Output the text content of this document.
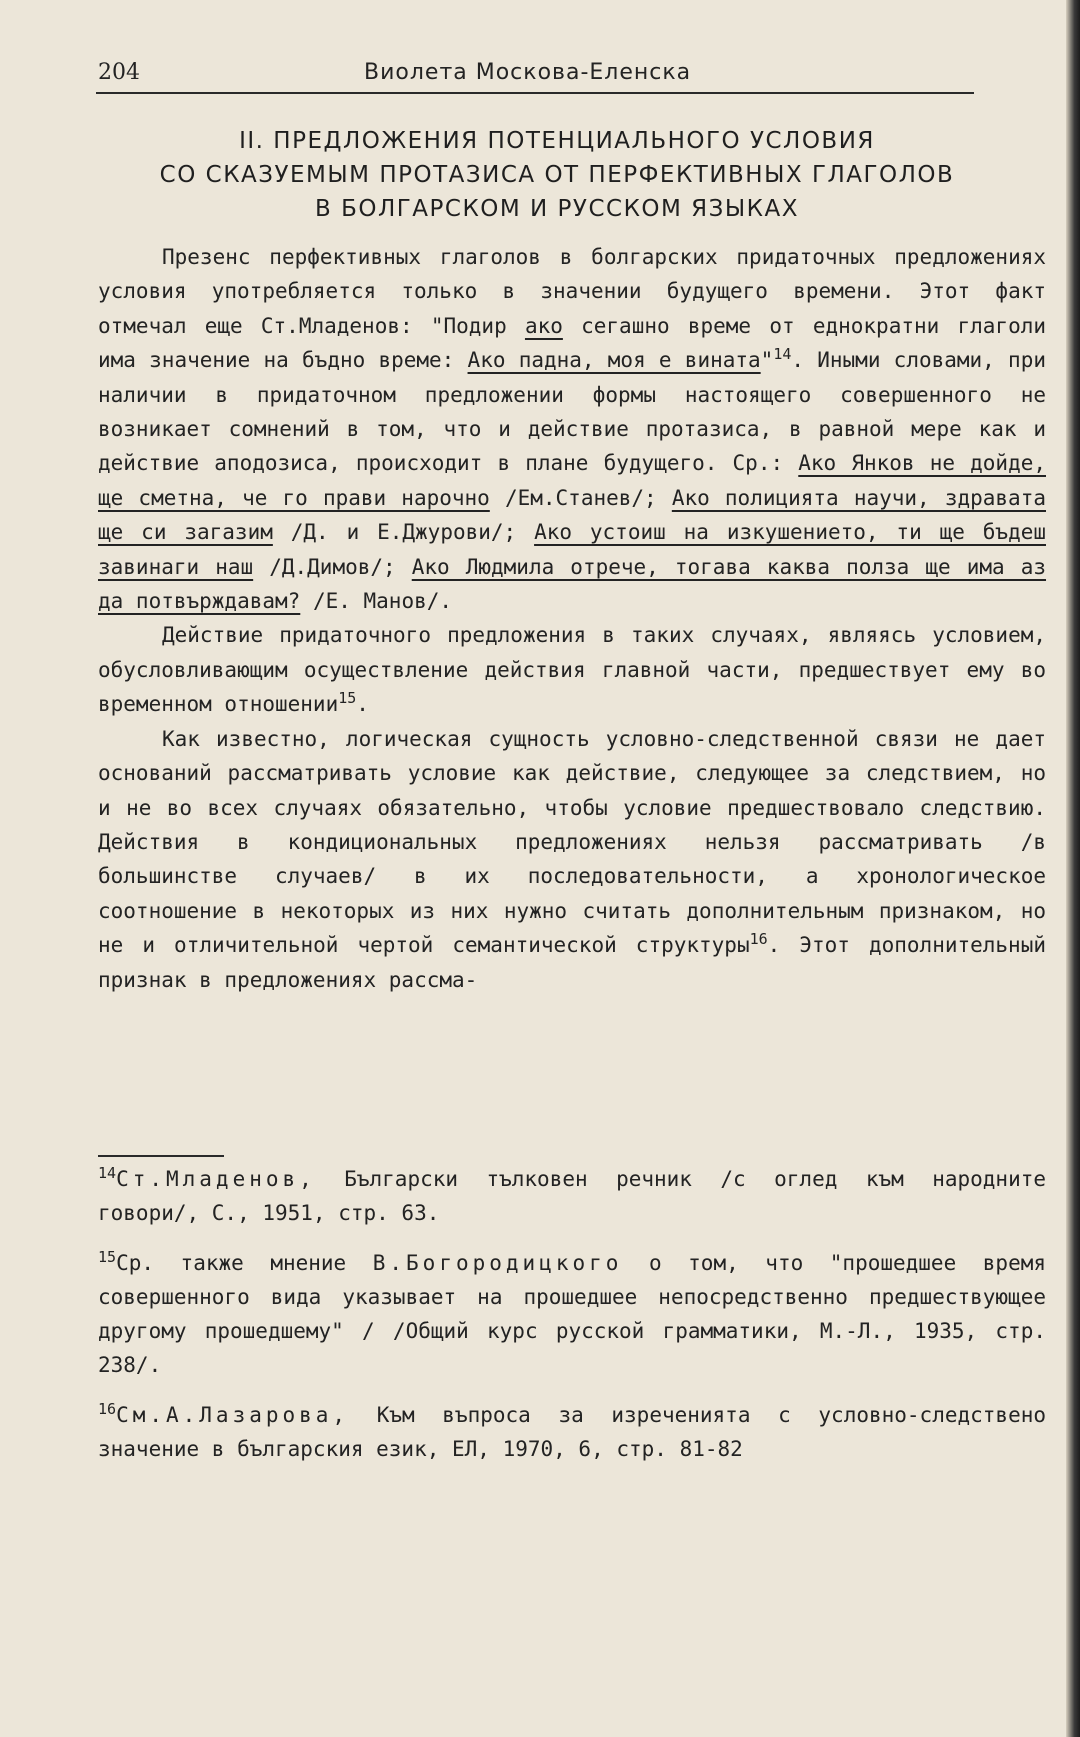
204	Виолета Москова-Еленска
II. ПРЕДЛОЖЕНИЯ ПОТЕНЦИАЛЬНОГО УСЛОВИЯ
СО СКАЗУЕМЫМ ПРОТАЗИСА ОТ ПЕРФЕКТИВНЫХ ГЛАГОЛОВ
В БОЛГАРСКОМ И РУССКОМ ЯЗЫКАХ

Презенс перфективных глаголов в болгарских придаточных предложениях условия употребляется только в значении будущего времени. Этот факт отмечал еще Ст.Младенов: "Подир ако сегашно време от еднократни глаголи има значение на бъдно време: Ако падна, моя е вината"$^{14}$. Иными словами, при наличии в придаточном предложении формы настоящего совершенного не возникает сомнений в том, что и действие протазиса, в равной мере как и действие аподозиса, происходит в плане будущего. Ср.: Ако Янков не дойде, ще сметна, че го прави нарочно /Ем.Станев/; Ако полицията научи, здравата ще си загазим /Д. и Е.Джурови/; Ако устоиш на изкушението, ти ще бъдеш завинаги наш /Д.Димов/; Ако Людмила отрече, тогава каква полза ще има аз да потвърждавам? /Е. Манов/.

Действие придаточного предложения в таких случаях, являясь условием, обусловливающим осуществление действия главной части, предшествует ему во временном отношении$^{15}$.

Как известно, логическая сущность условно-следственной связи не дает оснований рассматривать условие как действие, следующее за следствием, но и не во всех случаях обязательно, чтобы условие предшествовало следствию. Действия в кондициональных предложениях нельзя рассматривать /в большинстве случаев/ в их последовательности, а хронологическое соотношение в некоторых из них нужно считать дополнительным признаком, но не и отличительной чертой семантической структуры$^{16}$. Этот дополнительный признак в предложениях рассма-

$^{14}$Ст.Младенов, Български тълковен речник /с оглед към народните говори/, С., 1951, стр. 63.

$^{15}$Ср. также мнение В.Богородицкого о том, что "прошедшее время совершенного вида указывает на прошедшее непосредственно предшествующее другому прошедшему" / /Общий курс русской грамматики, М.-Л., 1935, стр. 238/.

$^{16}$См.А.Лазарова, Към въпроса за изреченията с условно-следствено значение в българския език, ЕЛ, 1970, 6, стр. 81-82
